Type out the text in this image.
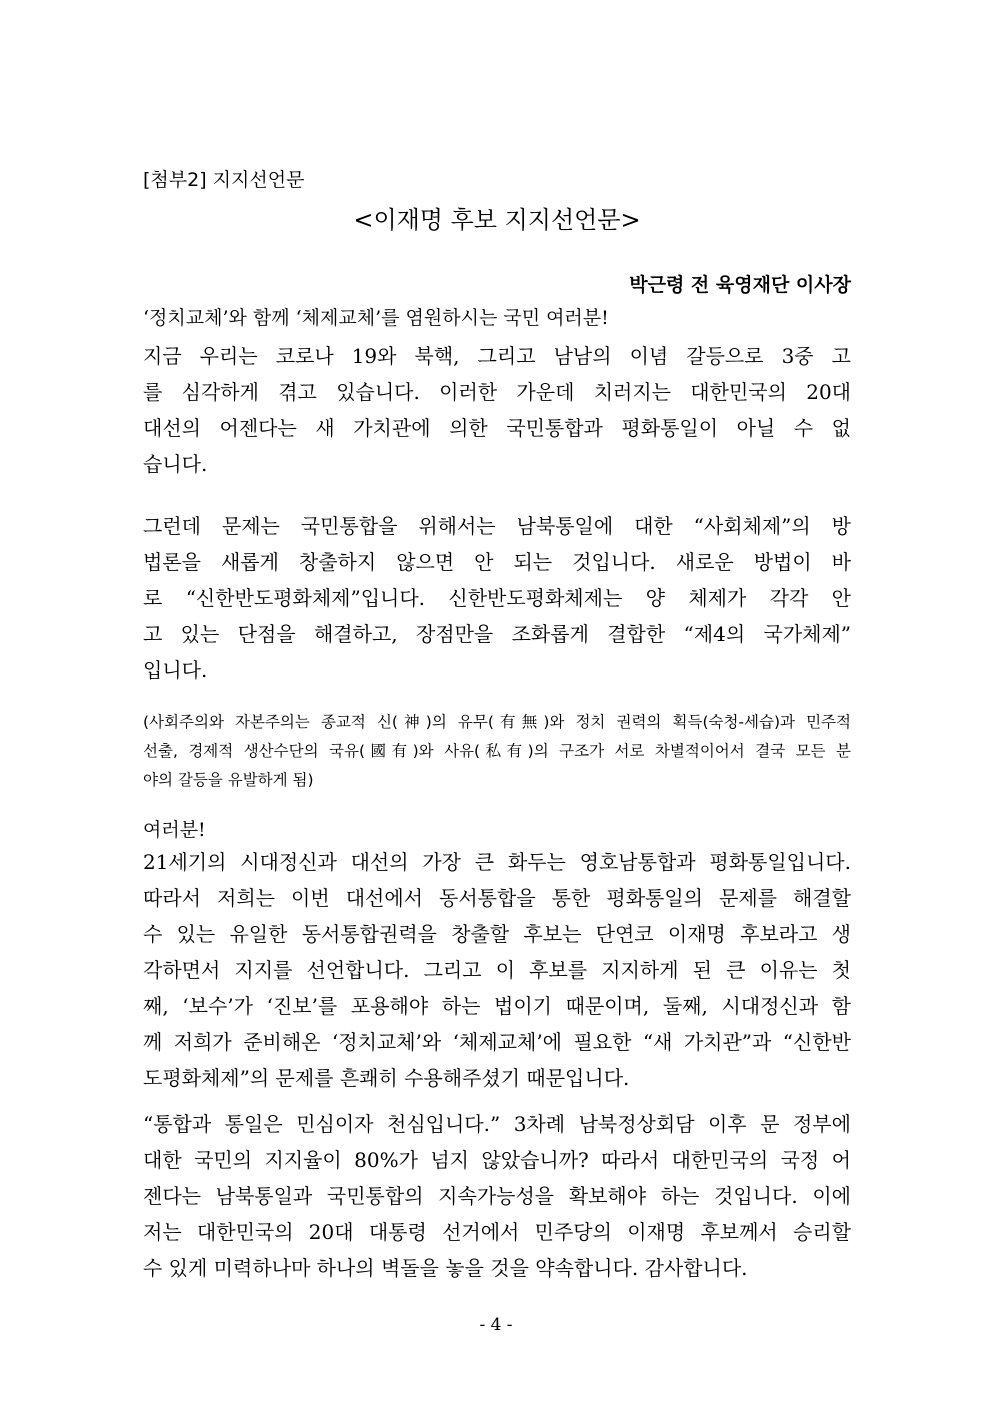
[첨부2] 지지선언문
<이재명 후보 지지선언문>
박근령 전 육영재단 이사장
‘정치교체’와 함께 ‘체제교체’를 염원하시는 국민 여러분!
지금 우리는 코로나 19와 북핵, 그리고 남남의 이념 갈등으로 3중 고
를 심각하게 겪고 있습니다. 이러한 가운데 치러지는 대한민국의 20대
대선의 어젠다는 새 가치관에 의한 국민통합과 평화통일이 아닐 수 없
습니다.
그런데 문제는 국민통합을 위해서는 남북통일에 대한 “사회체제”의 방
법론을 새롭게 창출하지 않으면 안 되는 것입니다. 새로운 방법이 바
로 “신한반도평화체제”입니다. 신한반도평화체제는 양 체제가 각각 안
고 있는 단점을 해결하고, 장점만을 조화롭게 결합한 “제4의 국가체제”
입니다.
(사회주의와 자본주의는 종교적 신(神)의 유무(有無)와 정치 권력의 획득(숙청-세습)과 민주적
선출, 경제적 생산수단의 국유(國有)와 사유(私有)의 구조가 서로 차별적이어서 결국 모든 분
야의 갈등을 유발하게 됨)
여러분!
21세기의 시대정신과 대선의 가장 큰 화두는 영호남통합과 평화통일입니다.
따라서 저희는 이번 대선에서 동서통합을 통한 평화통일의 문제를 해결할
수 있는 유일한 동서통합권력을 창출할 후보는 단연코 이재명 후보라고 생
각하면서 지지를 선언합니다. 그리고 이 후보를 지지하게 된 큰 이유는 첫
째, ‘보수’가 ‘진보’를 포용해야 하는 법이기 때문이며, 둘째, 시대정신과 함
께 저희가 준비해온 ‘정치교체’와 ‘체제교체’에 필요한 “새 가치관”과 “신한반
도평화체제”의 문제를 흔쾌히 수용해주셨기 때문입니다.
“통합과 통일은 민심이자 천심입니다.” 3차례 남북정상회담 이후 문 정부에
대한 국민의 지지율이 80%가 넘지 않았습니까? 따라서 대한민국의 국정 어
젠다는 남북통일과 국민통합의 지속가능성을 확보해야 하는 것입니다. 이에
저는 대한민국의 20대 대통령 선거에서 민주당의 이재명 후보께서 승리할
수 있게 미력하나마 하나의 벽돌을 놓을 것을 약속합니다. 감사합니다.
- 4 -
